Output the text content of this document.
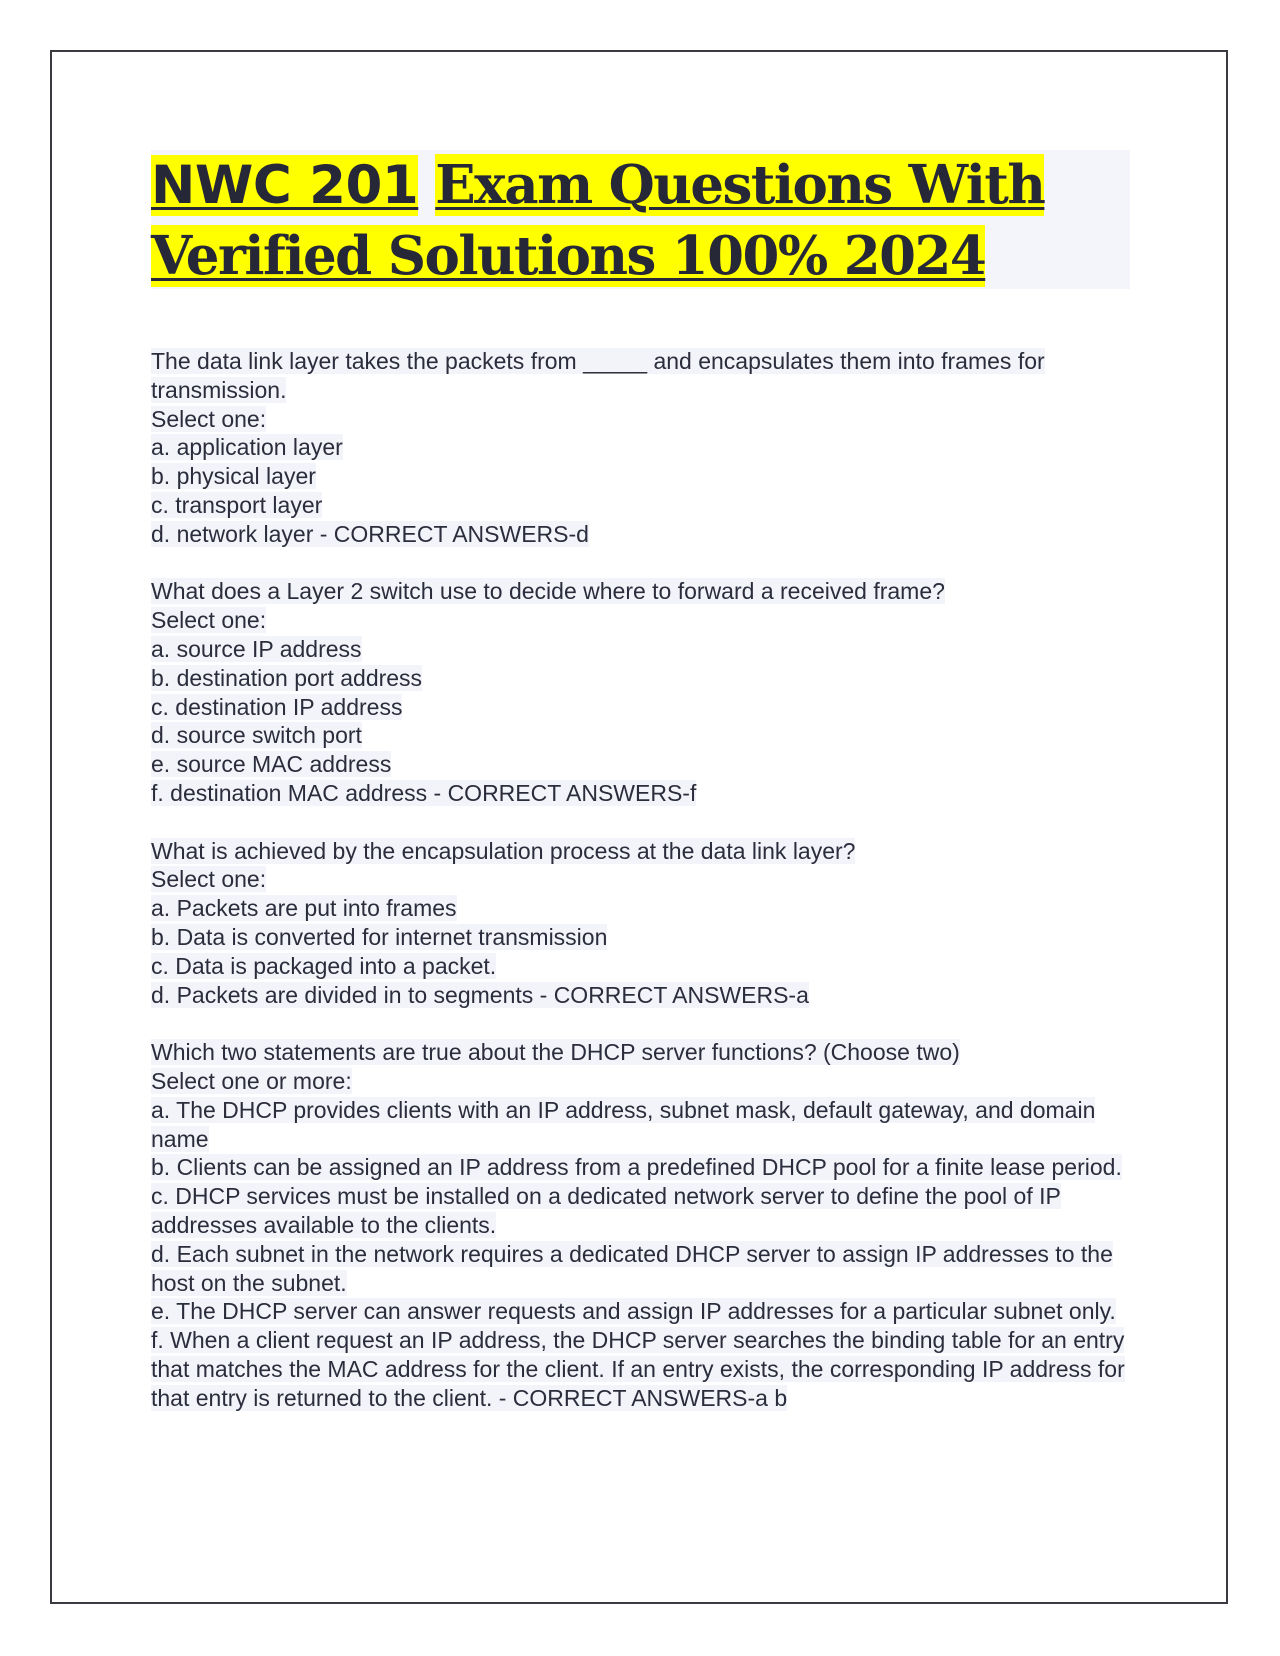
NWC 201 Exam Questions With Verified Solutions 100% 2024
The data link layer takes the packets from _____ and encapsulates them into frames for transmission.
Select one:
a. application layer
b. physical layer
c. transport layer
d. network layer - CORRECT ANSWERS-d
What does a Layer 2 switch use to decide where to forward a received frame?
Select one:
a. source IP address
b. destination port address
c. destination IP address
d. source switch port
e. source MAC address
f. destination MAC address - CORRECT ANSWERS-f
What is achieved by the encapsulation process at the data link layer?
Select one:
a. Packets are put into frames
b. Data is converted for internet transmission
c. Data is packaged into a packet.
d. Packets are divided in to segments - CORRECT ANSWERS-a
Which two statements are true about the DHCP server functions? (Choose two)
Select one or more:
a. The DHCP provides clients with an IP address, subnet mask, default gateway, and domain name
b. Clients can be assigned an IP address from a predefined DHCP pool for a finite lease period.
c. DHCP services must be installed on a dedicated network server to define the pool of IP addresses available to the clients.
d. Each subnet in the network requires a dedicated DHCP server to assign IP addresses to the host on the subnet.
e. The DHCP server can answer requests and assign IP addresses for a particular subnet only.
f. When a client request an IP address, the DHCP server searches the binding table for an entry that matches the MAC address for the client. If an entry exists, the corresponding IP address for that entry is returned to the client. - CORRECT ANSWERS-a b
